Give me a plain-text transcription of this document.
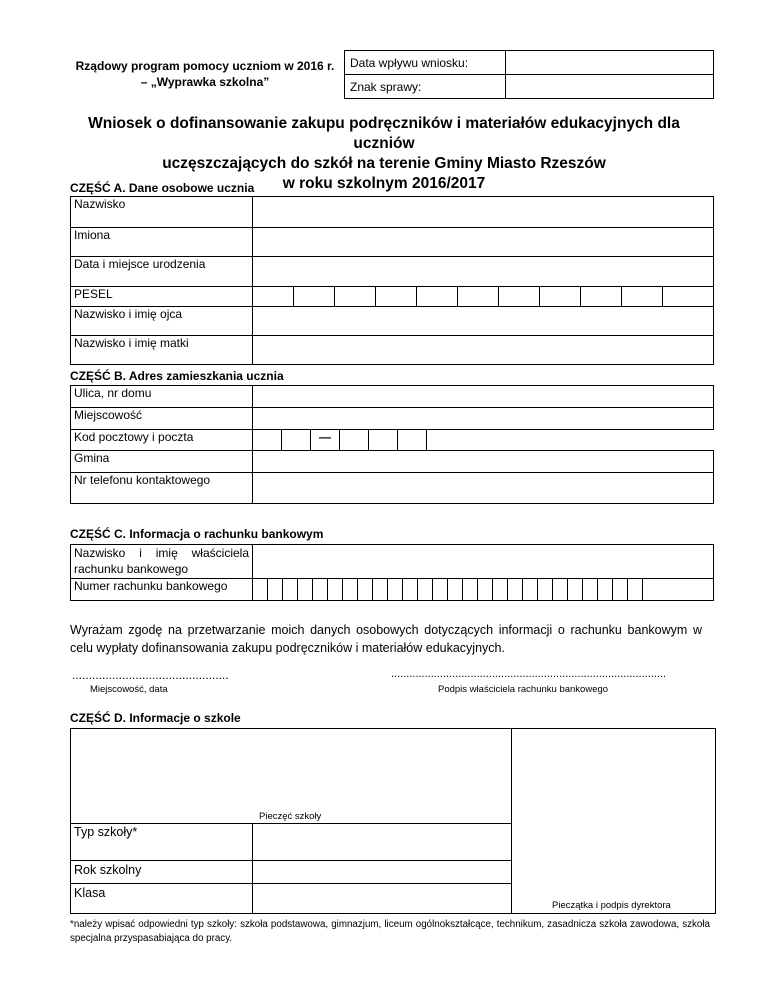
Rządowy program pomocy uczniom w 2016 r.
– „Wyprawka szkolna”
Data wpływu wniosku:	
Znak sprawy:	
Wniosek o dofinansowanie zakupu podręczników i materiałów edukacyjnych dla uczniów
uczęszczających do szkół na terenie Gminy Miasto Rzeszów
w roku szkolnym 2016/2017
CZĘŚĆ A. Dane osobowe ucznia
Nazwisko											
Imiona											
Data i miejsce urodzenia											
PESEL											
Nazwisko i imię ojca											
Nazwisko i imię matki											
CZĘŚĆ B. Adres zamieszkania ucznia
Ulica, nr domu							
Miejscowość							
Kod pocztowy i poczta			—				
Gmina							
Nr telefonu kontaktowego							
CZĘŚĆ C. Informacja o rachunku bankowym
Nazwisko i imię właściciela
rachunku bankowego																											

Numer rachunku bankowego																											
Wyrażam zgodę na przetwarzanie moich danych osobowych dotyczących informacji o rachunku bankowym w celu wypłaty dofinansowania zakupu podręczników i materiałów edukacyjnych.
...............................................
Miejscowość, data
..........................................................................................
Podpis właściciela rachunku bankowego
CZĘŚĆ D. Informacje o szkole
Pieczęć szkoły
Typ szkoły*
Rok szkolny
Klasa
Pieczątka i podpis dyrektora
*należy wpisać odpowiedni typ szkoły: szkoła podstawowa, gimnazjum, liceum ogólnokształcące, technikum, zasadnicza szkoła zawodowa, szkoła specjalna przyspasabiająca do pracy.
